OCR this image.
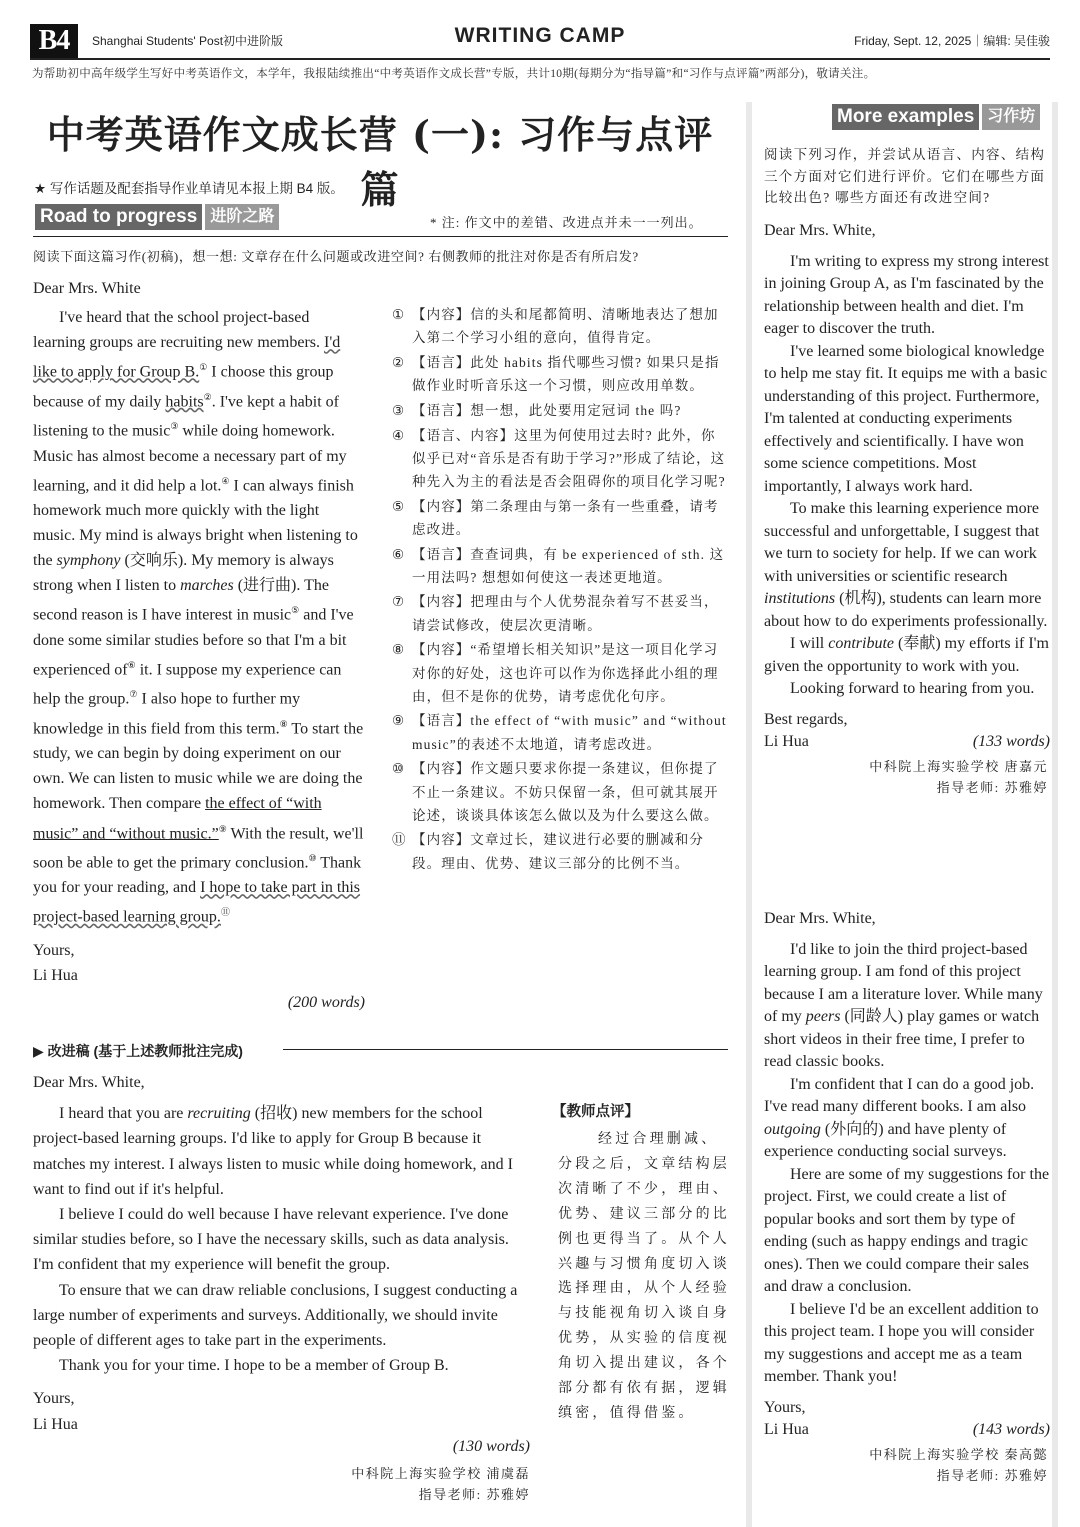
B4	Shanghai Students' Post初中进阶版	WRITING CAMP	Friday, Sept. 12, 2025｜编辑: 吴佳骏
为帮助初中高年级学生写好中考英语作文，本学年，我报陆续推出“中考英语作文成长营”专版，共计10期(每期分为“指导篇”和“习作与点评篇”两部分)，敬请关注。
中考英语作文成长营 (一): 习作与点评篇
★ 写作话题及配套指导作业单请见本报上期 B4 版。
Road to progress 进阶之路	* 注: 作文中的差错、改进点并未一一列出。
阅读下面这篇习作(初稿)，想一想: 文章存在什么问题或改进空间? 右侧教师的批注对你是否有所启发?

Dear Mrs. White

I've heard that the school project-based learning groups are recruiting new members. I'd like to apply for Group B.① I choose this group because of my daily habits②. I've kept a habit of listening to the music③ while doing homework. Music has almost become a necessary part of my learning, and it did help a lot.④ I can always finish homework much more quickly with the light music. My mind is always bright when listening to the symphony (交响乐). My memory is always strong when I listen to marches (进行曲). The second reason is I have interest in music⑤ and I've done some similar studies before so that I'm a bit experienced of⑥ it. I suppose my experience can help the group.⑦ I also hope to further my knowledge in this field from this term.⑧ To start the study, we can begin by doing experiment on our own. We can listen to music while we are doing the homework. Then compare the effect of “with music” and “without music.”⑨ With the result, we'll soon be able to get the primary conclusion.⑩ Thank you for your reading, and I hope to take part in this project-based learning group.⑪

Yours,

Li Hua

(200 words)
① 【内容】信的头和尾都简明、清晰地表达了想加入第二个学习小组的意向，值得肯定。
② 【语言】此处 habits 指代哪些习惯? 如果只是指做作业时听音乐这一个习惯，则应改用单数。
③ 【语言】想一想，此处要用定冠词 the 吗?
④ 【语言、内容】这里为何使用过去时? 此外，你似乎已对“音乐是否有助于学习?”形成了结论，这种先入为主的看法是否会阻碍你的项目化学习呢?
⑤ 【内容】第二条理由与第一条有一些重叠，请考虑改进。
⑥ 【语言】查查词典，有 be experienced of sth. 这一用法吗? 想想如何使这一表述更地道。
⑦ 【内容】把理由与个人优势混杂着写不甚妥当，请尝试修改，使层次更清晰。
⑧ 【内容】“希望增长相关知识”是这一项目化学习对你的好处，这也许可以作为你选择此小组的理由，但不是你的优势，请考虑优化句序。
⑨ 【语言】the effect of “with music” and “without music”的表述不太地道，请考虑改进。
⑩ 【内容】作文题只要求你提一条建议，但你提了不止一条建议。不妨只保留一条，但可就其展开论述，谈谈具体该怎么做以及为什么要这么做。
⑪ 【内容】文章过长，建议进行必要的删减和分段。理由、优势、建议三部分的比例不当。
▶ 改进稿 (基于上述教师批注完成)

Dear Mrs. White,

I heard that you are recruiting (招收) new members for the school project-based learning groups. I'd like to apply for Group B because it matches my interest. I always listen to music while doing homework, and I want to find out if it's helpful.

I believe I could do well because I have relevant experience. I've done similar studies before, so I have the necessary skills, such as data analysis. I'm confident that my experience will benefit the group.

To ensure that we can draw reliable conclusions, I suggest conducting a large number of experiments and surveys. Additionally, we should invite people of different ages to take part in the experiments.

Thank you for your time. I hope to be a member of Group B.

Yours,

Li Hua

(130 words)
中科院上海实验学校 浦虞磊
指导老师: 苏雅婷
【教师点评】
经过合理删减、分段之后，文章结构层次清晰了不少，理由、优势、建议三部分的比例也更得当了。从个人兴趣与习惯角度切入谈选择理由，从个人经验与技能视角切入谈自身优势，从实验的信度视角切入提出建议，各个部分都有依有据，逻辑缜密，值得借鉴。
More examples 习作坊
阅读下列习作，并尝试从语言、内容、结构三个方面对它们进行评价。它们在哪些方面比较出色? 哪些方面还有改进空间?

Dear Mrs. White,

I'm writing to express my strong interest in joining Group A, as I'm fascinated by the relationship between health and diet. I'm eager to discover the truth.

I've learned some biological knowledge to help me stay fit. It equips me with a basic understanding of this project. Furthermore, I'm talented at conducting experiments effectively and scientifically. I have won some science competitions. Most importantly, I always work hard.

To make this learning experience more successful and unforgettable, I suggest that we turn to society for help. If we can work with universities or scientific research institutions (机构), students can learn more about how to do experiments professionally.

I will contribute (奉献) my efforts if I'm given the opportunity to work with you.

Looking forward to hearing from you.

Best regards,

Li Hua	(133 words)
中科院上海实验学校 唐嘉元
指导老师: 苏雅婷

Dear Mrs. White,

I'd like to join the third project-based learning group. I am fond of this project because I am a literature lover. While many of my peers (同龄人) play games or watch short videos in their free time, I prefer to read classic books.

I'm confident that I can do a good job. I've read many different books. I am also outgoing (外向的) and have plenty of experience conducting social surveys.

Here are some of my suggestions for the project. First, we could create a list of popular books and sort them by type of ending (such as happy endings and tragic ones). Then we could compare their sales and draw a conclusion.

I believe I'd be an excellent addition to this project team. I hope you will consider my suggestions and accept me as a team member. Thank you!

Yours,

Li Hua	(143 words)
中科院上海实验学校 秦高懿
指导老师: 苏雅婷
